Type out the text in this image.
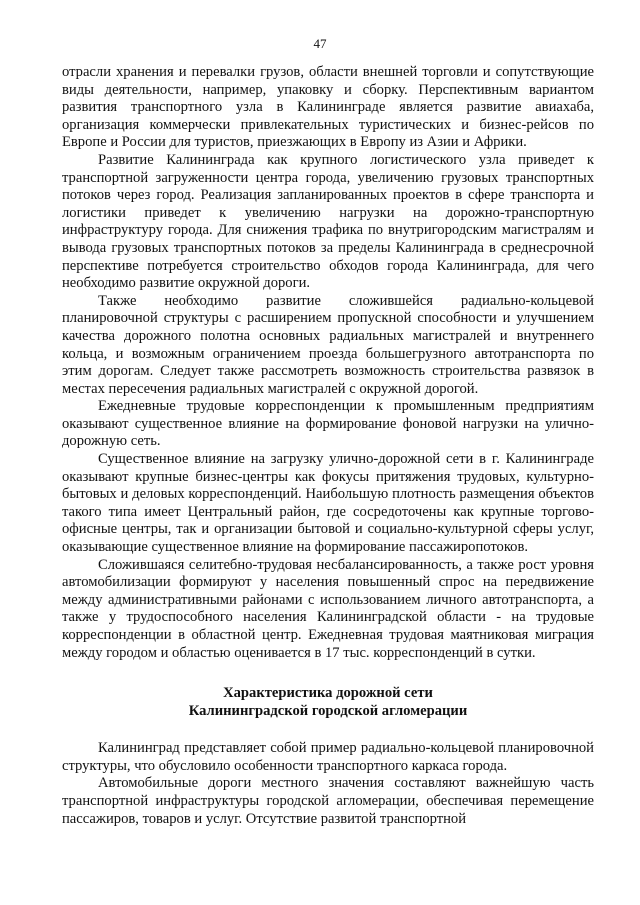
47

отрасли хранения и перевалки грузов, области внешней торговли и сопутствующие виды деятельности, например, упаковку и сборку. Перспективным вариантом развития транспортного узла в Калининграде является развитие авиахаба, организация коммерчески привлекательных туристических и бизнес-рейсов по Европе и России для туристов, приезжающих в Европу из Азии и Африки.

Развитие Калининграда как крупного логистического узла приведет к транспортной загруженности центра города, увеличению грузовых транспортных потоков через город. Реализация запланированных проектов в сфере транспорта и логистики приведет к увеличению нагрузки на дорожно-транспортную инфраструктуру города. Для снижения трафика по внутригородским магистралям и вывода грузовых транспортных потоков за пределы Калининграда в среднесрочной перспективе потребуется строительство обходов города Калининграда, для чего необходимо развитие окружной дороги.

Также необходимо развитие сложившейся радиально-кольцевой планировочной структуры с расширением пропускной способности и улучшением качества дорожного полотна основных радиальных магистралей и внутреннего кольца, и возможным ограничением проезда большегрузного автотранспорта по этим дорогам. Следует также рассмотреть возможность строительства развязок в местах пересечения радиальных магистралей с окружной дорогой.

Ежедневные трудовые корреспонденции к промышленным предприятиям оказывают существенное влияние на формирование фоновой нагрузки на улично-дорожную сеть.

Существенное влияние на загрузку улично-дорожной сети в г. Калининграде оказывают крупные бизнес-центры как фокусы притяжения трудовых, культурно-бытовых и деловых корреспонденций. Наибольшую плотность размещения объектов такого типа имеет Центральный район, где сосредоточены как крупные торгово-офисные центры, так и организации бытовой и социально-культурной сферы услуг, оказывающие существенное влияние на формирование пассажиропотоков.

Сложившаяся селитебно-трудовая несбалансированность, а также рост уровня автомобилизации формируют у населения повышенный спрос на передвижение между административными районами с использованием личного автотранспорта, а также у трудоспособного населения Калининградской области - на трудовые корреспонденции в областной центр. Ежедневная трудовая маятниковая миграция между городом и областью оценивается в 17 тыс. корреспонденций в сутки.

Характеристика дорожной сети
Калининградской городской агломерации

Калининград представляет собой пример радиально-кольцевой планировочной структуры, что обусловило особенности транспортного каркаса города.

Автомобильные дороги местного значения составляют важнейшую часть транспортной инфраструктуры городской агломерации, обеспечивая перемещение пассажиров, товаров и услуг. Отсутствие развитой транспортной
